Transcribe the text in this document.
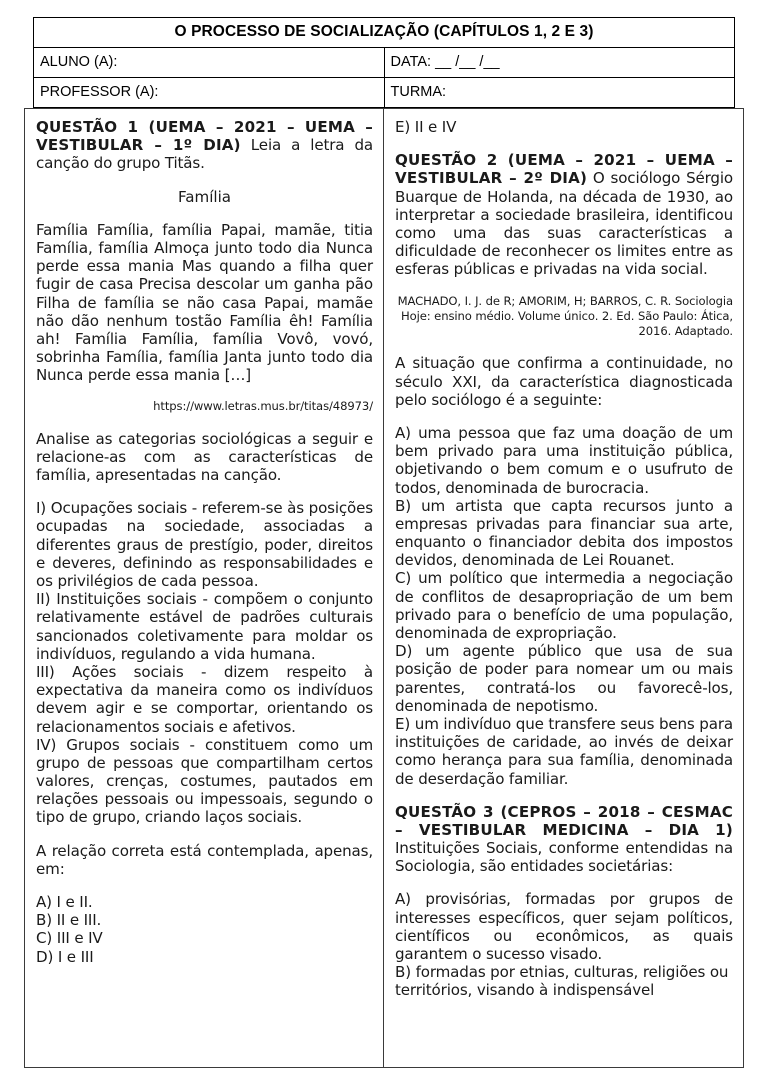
O PROCESSO DE SOCIALIZAÇÃO (CAPÍTULOS 1, 2 E 3)	
ALUNO (A):	DATA: __ /__ /__
PROFESSOR (A):	TURMA:

QUESTÃO 1 (UEMA – 2021 – UEMA – VESTIBULAR – 1º DIA) Leia a letra da canção do grupo Titãs.

Família

Família Família, família Papai, mamãe, titia Família, família Almoça junto todo dia Nunca perde essa mania Mas quando a filha quer fugir de casa Precisa descolar um ganha pão Filha de família se não casa Papai, mamãe não dão nenhum tostão Família êh! Família ah! Família Família, família Vovô, vovó, sobrinha Família, família Janta junto todo dia Nunca perde essa mania […]

https://www.letras.mus.br/titas/48973/

Analise as categorias sociológicas a seguir e relacione-as com as características de família, apresentadas na canção.

I) Ocupações sociais - referem-se às posições ocupadas na sociedade, associadas a diferentes graus de prestígio, poder, direitos e deveres, definindo as responsabilidades e os privilégios de cada pessoa.

II) Instituições sociais - compõem o conjunto relativamente estável de padrões culturais sancionados coletivamente para moldar os indivíduos, regulando a vida humana.

III) Ações sociais - dizem respeito à expectativa da maneira como os indivíduos devem agir e se comportar, orientando os relacionamentos sociais e afetivos.

IV) Grupos sociais - constituem como um grupo de pessoas que compartilham certos valores, crenças, costumes, pautados em relações pessoais ou impessoais, segundo o tipo de grupo, criando laços sociais.

A relação correta está contemplada, apenas, em:

A) I e II.
B) II e III.
C) III e IV
D) I e III
E) II e IV

QUESTÃO 2 (UEMA – 2021 – UEMA – VESTIBULAR – 2º DIA) O sociólogo Sérgio Buarque de Holanda, na década de 1930, ao interpretar a sociedade brasileira, identificou como uma das suas características a dificuldade de reconhecer os limites entre as esferas públicas e privadas na vida social.

MACHADO, I. J. de R; AMORIM, H; BARROS, C. R. Sociologia Hoje: ensino médio. Volume único. 2. Ed. São Paulo: Ática, 2016. Adaptado.

A situação que confirma a continuidade, no século XXI, da característica diagnosticada pelo sociólogo é a seguinte:

A) uma pessoa que faz uma doação de um bem privado para uma instituição pública, objetivando o bem comum e o usufruto de todos, denominada de burocracia.

B) um artista que capta recursos junto a empresas privadas para financiar sua arte, enquanto o financiador debita dos impostos devidos, denominada de Lei Rouanet.

C) um político que intermedia a negociação de conflitos de desapropriação de um bem privado para o benefício de uma população, denominada de expropriação.

D) um agente público que usa de sua posição de poder para nomear um ou mais parentes, contratá-los ou favorecê-los, denominada de nepotismo.

E) um indivíduo que transfere seus bens para instituições de caridade, ao invés de deixar como herança para sua família, denominada de deserdação familiar.

QUESTÃO 3 (CEPROS – 2018 – CESMAC – VESTIBULAR MEDICINA – DIA 1) Instituições Sociais, conforme entendidas na Sociologia, são entidades societárias:

A) provisórias, formadas por grupos de interesses específicos, quer sejam políticos, científicos ou econômicos, as quais garantem o sucesso visado.

B) formadas por etnias, culturas, religiões ou territórios, visando à indispensável
